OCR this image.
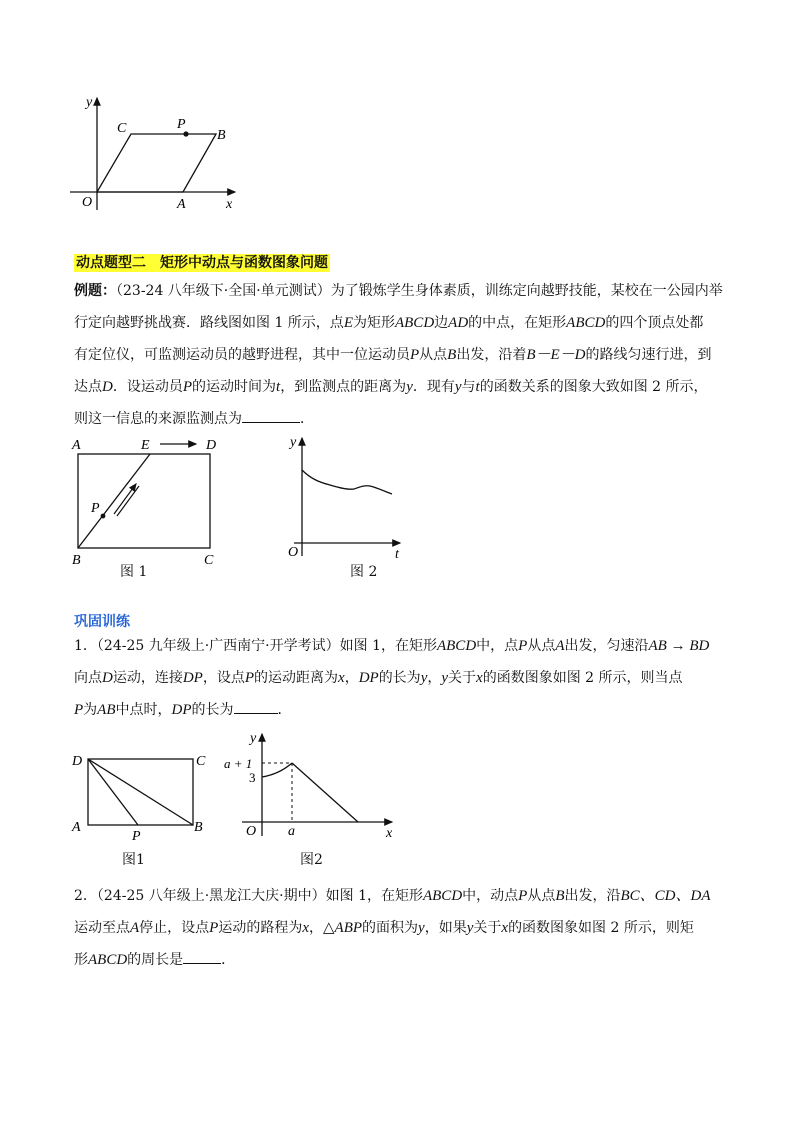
y
x
O	A
B
C	P
动点题型二 矩形中动点与函数图象问题
例题：（23-24 八年级下·全国·单元测试）为了锻炼学生身体素质，训练定向越野技能，某校在一公园内举
行定向越野挑战赛．路线图如图 1 所示，点E为矩形ABCD边AD的中点，在矩形ABCD的四个顶点处都
有定位仪，可监测运动员的越野进程，其中一位运动员P从点B出发，沿着B－E－D的路线匀速行进，到
达点D．设运动员P的运动时间为t，到监测点的距离为y．现有y与t的函数关系的图象大致如图 2 所示，
则这一信息的来源监测点为	．
A	E	D
B	C
P
图 1
y
O	t
图 2
巩固训练
1．（24-25 九年级上·广西南宁·开学考试）如图 1，在矩形ABCD中，点P从点A出发，匀速沿AB → BD
向点D运动，连接DP，设点P的运动距离为x，DP的长为y，y关于x的函数图象如图 2 所示，则当点
P为AB中点时，DP的长为	．
D	C
A
P
B
图1
y
a + 1
3
O a	x
图2
2．（24-25 八年级上·黑龙江大庆·期中）如图 1，在矩形ABCD中，动点P从点B出发，沿BC、CD、DA
运动至点A停止，设点P运动的路程为x，△ABP的面积为y，如果y关于x的函数图象如图 2 所示，则矩
形ABCD的周长是	．
